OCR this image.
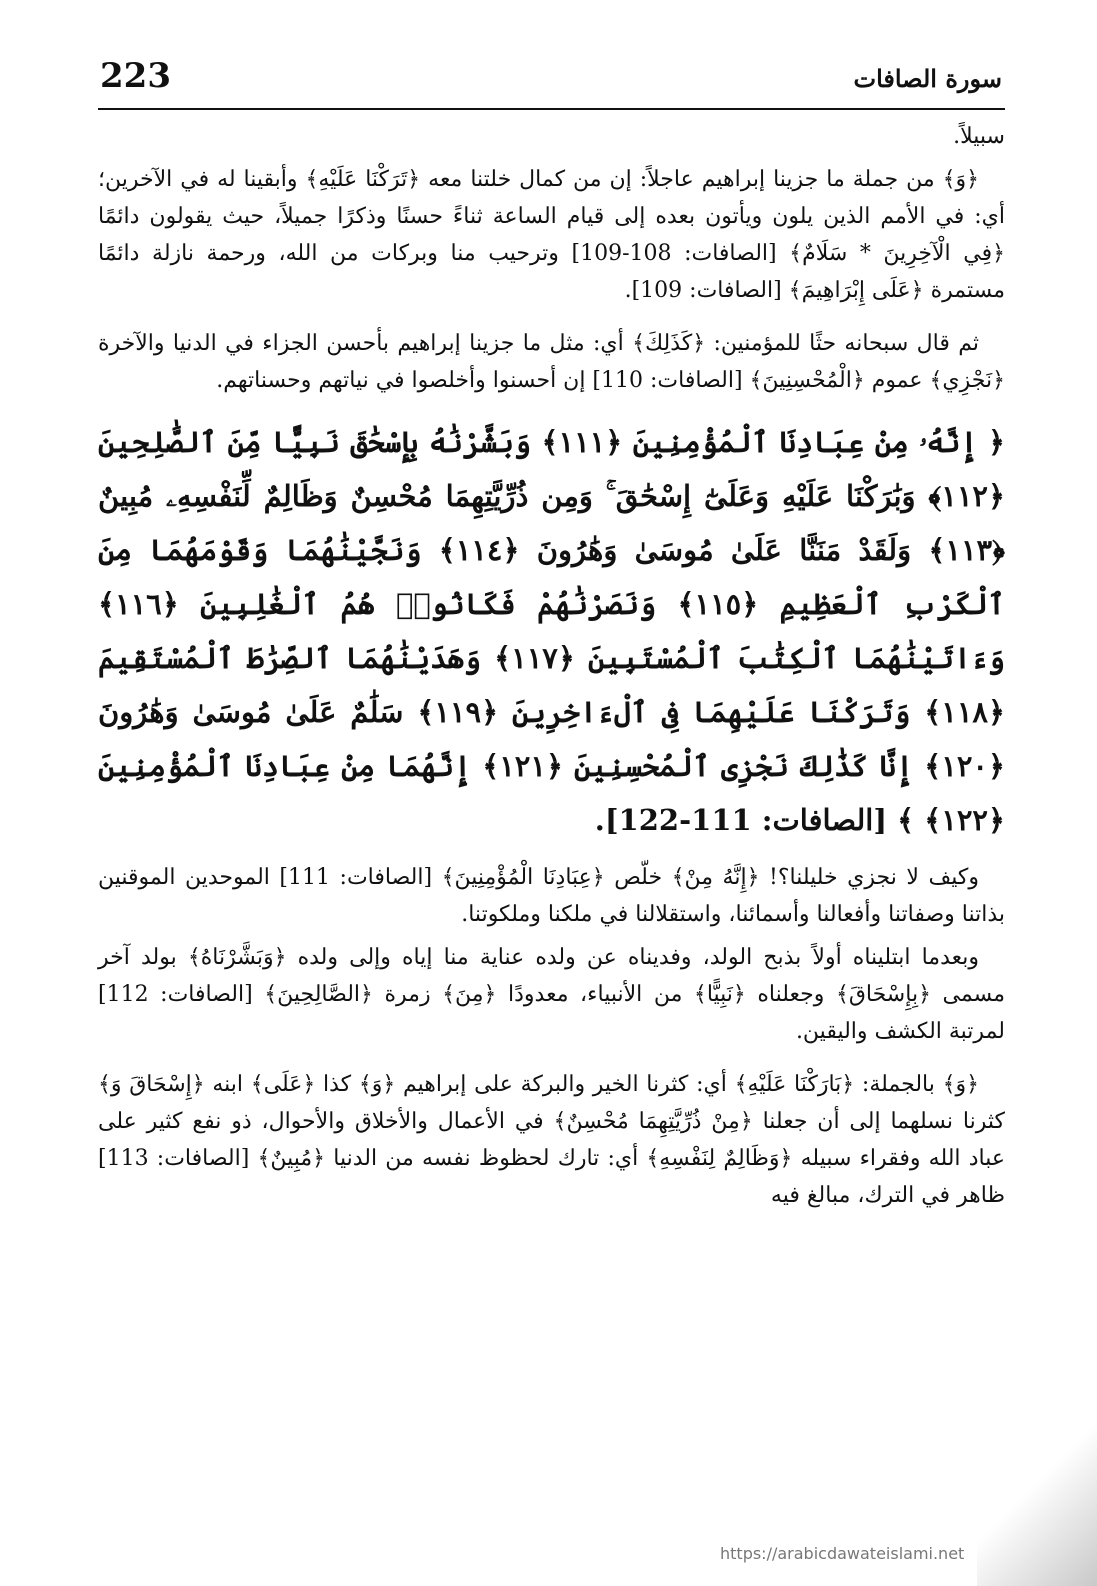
223	سورة الصافات

سبيلاً.

﴿وَ﴾ من جملة ما جزينا إبراهيم عاجلاً: إن من كمال خلتنا معه ﴿تَرَكْنَا عَلَيْهِ﴾ وأبقينا له في الآخرين؛ أي: في الأمم الذين يلون ويأتون بعده إلى قيام الساعة ثناءً حسنًا وذكرًا جميلاً، حيث يقولون دائمًا ﴿فِي الْآخِرِينَ * سَلَامٌ﴾ [الصافات: 108-109] وترحيب منا وبركات من الله، ورحمة نازلة دائمًا مستمرة ﴿عَلَى إِبْرَاهِيمَ﴾ [الصافات: 109].

ثم قال سبحانه حثًا للمؤمنين: ﴿كَذَلِكَ﴾ أي: مثل ما جزينا إبراهيم بأحسن الجزاء في الدنيا والآخرة ﴿نَجْزِي﴾ عموم ﴿الْمُحْسِنِينَ﴾ [الصافات: 110] إن أحسنوا وأخلصوا في نياتهم وحسناتهم.

﴿ إِنَّهُۥ مِنْ عِبَادِنَا ٱلْمُؤْمِنِينَ ﴿١١١﴾ وَبَشَّرْنَٰهُ بِإِسْحَٰقَ نَبِيًّا مِّنَ ٱلصَّٰلِحِينَ ﴿١١٢﴾ وَبَٰرَكْنَا عَلَيْهِ وَعَلَىٰٓ إِسْحَٰقَ ۚ وَمِن ذُرِّيَّتِهِمَا مُحْسِنٌ وَظَالِمٌ لِّنَفْسِهِۦ مُبِينٌ ﴿١١٣﴾ وَلَقَدْ مَنَنَّا عَلَىٰ مُوسَىٰ وَهَٰرُونَ ﴿١١٤﴾ وَنَجَّيْنَٰهُمَا وَقَوْمَهُمَا مِنَ ٱلْكَرْبِ ٱلْعَظِيمِ ﴿١١٥﴾ وَنَصَرْنَٰهُمْ فَكَانُوا۟ هُمُ ٱلْغَٰلِبِينَ ﴿١١٦﴾ وَءَاتَيْنَٰهُمَا ٱلْكِتَٰبَ ٱلْمُسْتَبِينَ ﴿١١٧﴾ وَهَدَيْنَٰهُمَا ٱلصِّرَٰطَ ٱلْمُسْتَقِيمَ ﴿١١٨﴾ وَتَرَكْنَا عَلَيْهِمَا فِى ٱلْءَاخِرِينَ ﴿١١٩﴾ سَلَٰمٌ عَلَىٰ مُوسَىٰ وَهَٰرُونَ ﴿١٢٠﴾ إِنَّا كَذَٰلِكَ نَجْزِى ٱلْمُحْسِنِينَ ﴿١٢١﴾ إِنَّهُمَا مِنْ عِبَادِنَا ٱلْمُؤْمِنِينَ ﴿١٢٢﴾ ﴾ [الصافات: 111-122].

وكيف لا نجزي خليلنا؟! ﴿إِنَّهُ مِنْ﴾ خلّص ﴿عِبَادِنَا الْمُؤْمِنِينَ﴾ [الصافات: 111] الموحدين الموقنين بذاتنا وصفاتنا وأفعالنا وأسمائنا، واستقلالنا في ملكنا وملكوتنا.

وبعدما ابتليناه أولاً بذبح الولد، وفديناه عن ولده عناية منا إياه وإلى ولده ﴿وَبَشَّرْنَاهُ﴾ بولد آخر مسمى ﴿بِإِسْحَاقَ﴾ وجعلناه ﴿نَبِيًّا﴾ من الأنبياء، معدودًا ﴿مِنَ﴾ زمرة ﴿الصَّالِحِينَ﴾ [الصافات: 112] لمرتبة الكشف واليقين.

﴿وَ﴾ بالجملة: ﴿بَارَكْنَا عَلَيْهِ﴾ أي: كثرنا الخير والبركة على إبراهيم ﴿وَ﴾ كذا ﴿عَلَى﴾ ابنه ﴿إِسْحَاقَ وَ﴾ كثرنا نسلهما إلى أن جعلنا ﴿مِنْ ذُرِّيَّتِهِمَا مُحْسِنٌ﴾ في الأعمال والأخلاق والأحوال، ذو نفع كثير على عباد الله وفقراء سبيله ﴿وَظَالِمٌ لِنَفْسِهِ﴾ أي: تارك لحظوظ نفسه من الدنيا ﴿مُبِينٌ﴾ [الصافات: 113] ظاهر في الترك، مبالغ فيه

https://arabicdawateislami.net
